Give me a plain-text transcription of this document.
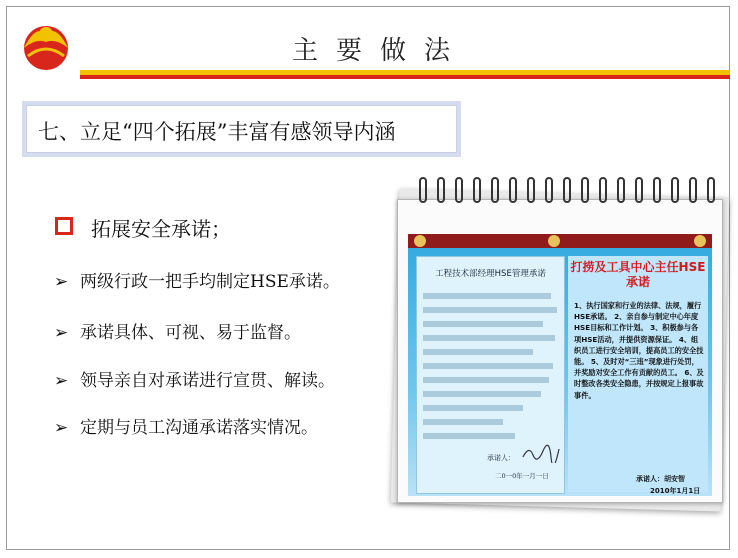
主要做法
七、立足“四个拓展”丰富有感领导内涵
拓展安全承诺；
➢ 两级行政一把手均制定HSE承诺。
➢ 承诺具体、可视、易于监督。
➢ 领导亲自对承诺进行宣贯、解读。
➢ 定期与员工沟通承诺落实情况。
工程技术部经理HSE管理承诺
承诺人：
二0一0年一月一日
打捞及工具中心主任HSE承诺
1、执行国家和行业的法律、法规，履行HSE承诺。 2、亲自参与制定中心年度HSE目标和工作计划。 3、积极参与各项HSE活动，并提供资源保证。 4、组织员工进行安全培训，提高员工的安全技能。 5、及时对“三违”现象进行处罚，并奖励对安全工作有贡献的员工。 6、及时整改各类安全隐患，并按规定上报事故事件。
承诺人：胡安智
2010年1月1日
